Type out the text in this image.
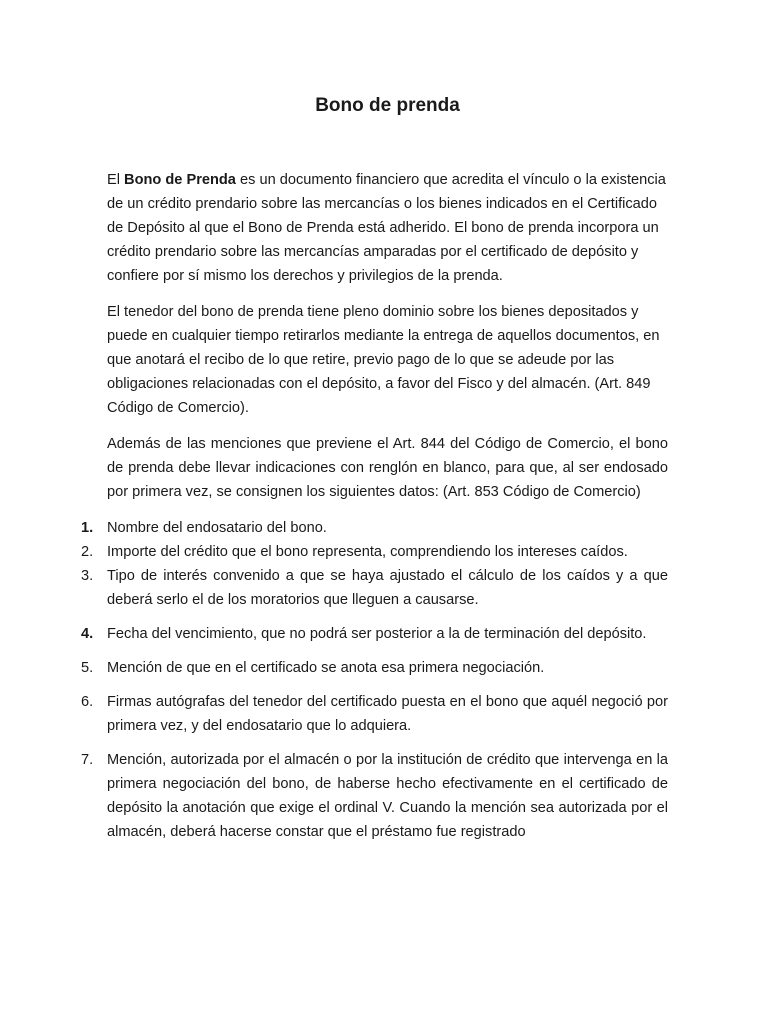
Bono de prenda

El Bono de Prenda es un documento financiero que acredita el vínculo o la existencia de un crédito prendario sobre las mercancías o los bienes indicados en el Certificado de Depósito al que el Bono de Prenda está adherido. El bono de prenda incorpora un crédito prendario sobre las mercancías amparadas por el certificado de depósito y confiere por sí mismo los derechos y privilegios de la prenda.

El tenedor del bono de prenda tiene pleno dominio sobre los bienes depositados y puede en cualquier tiempo retirarlos mediante la entrega de aquellos documentos, en que anotará el recibo de lo que retire, previo pago de lo que se adeude por las obligaciones relacionadas con el depósito, a favor del Fisco y del almacén. (Art. 849 Código de Comercio).

Además de las menciones que previene el Art. 844 del Código de Comercio, el bono de prenda debe llevar indicaciones con renglón en blanco, para que, al ser endosado por primera vez, se consignen los siguientes datos: (Art. 853 Código de Comercio)

1. Nombre del endosatario del bono.
2. Importe del crédito que el bono representa, comprendiendo los intereses caídos.
3. Tipo de interés convenido a que se haya ajustado el cálculo de los caídos y a que deberá serlo el de los moratorios que lleguen a causarse.
4. Fecha del vencimiento, que no podrá ser posterior a la de terminación del depósito.
5. Mención de que en el certificado se anota esa primera negociación.
6. Firmas autógrafas del tenedor del certificado puesta en el bono que aquél negoció por primera vez, y del endosatario que lo adquiera.
7. Mención, autorizada por el almacén o por la institución de crédito que intervenga en la primera negociación del bono, de haberse hecho efectivamente en el certificado de depósito la anotación que exige el ordinal V. Cuando la mención sea autorizada por el almacén, deberá hacerse constar que el préstamo fue registrado
